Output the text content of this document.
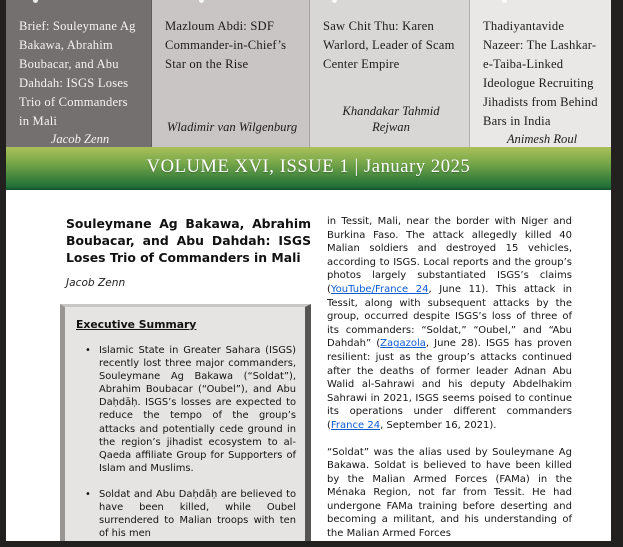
Brief: Souleymane Ag Bakawa, Abrahim Boubacar, and Abu Dahdah: ISGS Loses Trio of Commanders in Mali
Jacob Zenn
Mazloum Abdi: SDF Commander-in-Chief’s Star on the Rise
Wladimir van Wilgenburg
Saw Chit Thu: Karen Warlord, Leader of Scam Center Empire
Khandakar Tahmid Rejwan
Thadiyantavide Nazeer: The Lashkar-e-Taiba-Linked Ideologue Recruiting Jihadists from Behind Bars in India
Animesh Roul
VOLUME XVI, ISSUE 1 | January 2025
Souleymane Ag Bakawa, Abrahim Boubacar, and Abu Dahdah: ISGS Loses Trio of Commanders in Mali
Jacob Zenn
Executive Summary
• Islamic State in Greater Sahara (ISGS) recently lost three major commanders, Souleymane Ag Bakawa (“Soldat”), Abrahim Boubacar (“Oubel”), and Abu Daḥdāḥ. ISGS’s losses are expected to reduce the tempo of the group’s attacks and potentially cede ground in the region’s jihadist ecosystem to al-Qaeda affiliate Group for Supporters of Islam and Muslims.
• Soldat and Abu Daḥdāḥ are believed to have been killed, while Oubel surrendered to Malian troops with ten of his men
in Tessit, Mali, near the border with Niger and Burkina Faso. The attack allegedly killed 40 Malian soldiers and destroyed 15 vehicles, according to ISGS. Local reports and the group’s photos largely substantiated ISGS’s claims (YouTube/France 24, June 11). This attack in Tessit, along with subsequent attacks by the group, occurred despite ISGS’s loss of three of its commanders: “Soldat,” “Oubel,” and “Abu Dahdah” (Zagazola, June 28). ISGS has proven resilient: just as the group’s attacks continued after the deaths of former leader Adnan Abu Walid al-Sahrawi and his deputy Abdelhakim Sahrawi in 2021, ISGS seems poised to continue its operations under different commanders (France 24, September 16, 2021).
“Soldat” was the alias used by Souleymane Ag Bakawa. Soldat is believed to have been killed by the Malian Armed Forces (FAMa) in the Ménaka Region, not far from Tessit. He had undergone FAMa training before deserting and becoming a militant, and his understanding of the Malian Armed Forces
